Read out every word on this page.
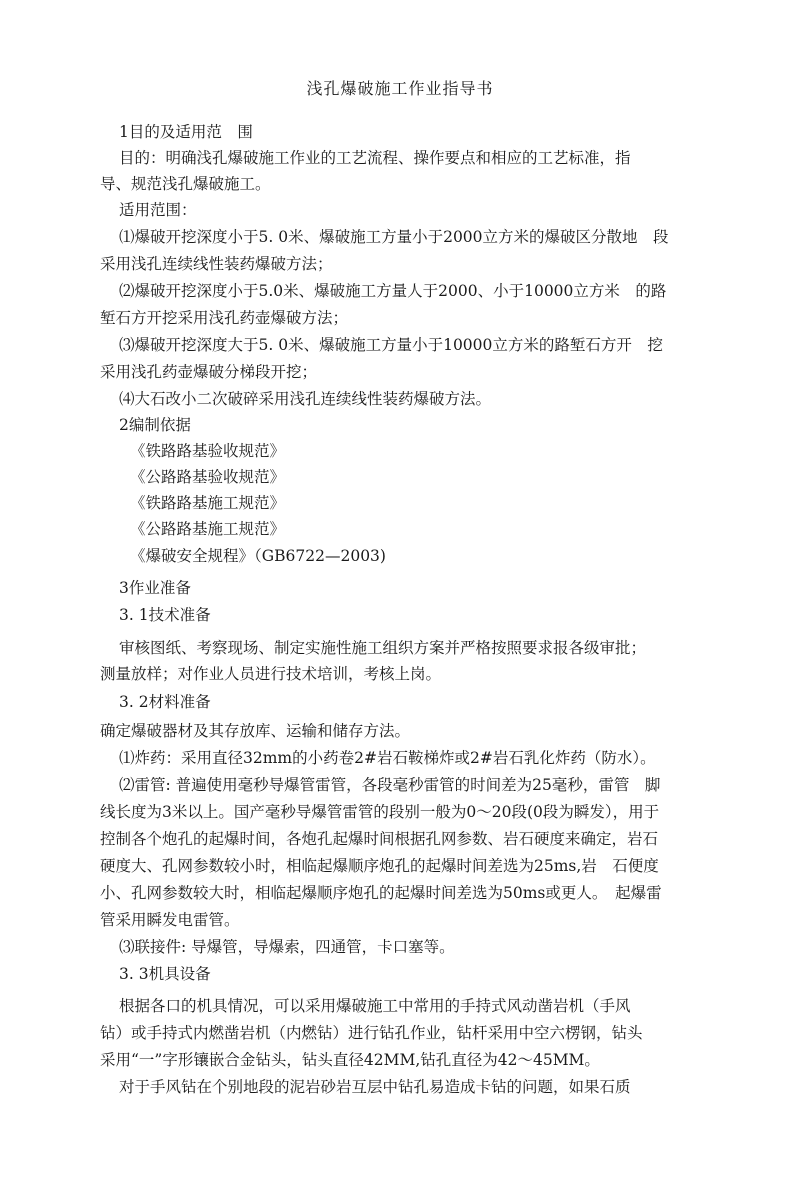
浅孔爆破施工作业指导书
1目的及适用范　围
目的：明确浅孔爆破施工作业的工艺流程、操作要点和相应的工艺标准，指
导、规范浅孔爆破施工。
适用范围：
⑴爆破开挖深度小于5. 0米、爆破施工方量小于2000立方米的爆破区分散地　段
采用浅孔连续线性装药爆破方法；
⑵爆破开挖深度小于5.0米、爆破施工方量人于2000、小于10000立方米　的路
堑石方开挖采用浅孔药壶爆破方法；
⑶爆破开挖深度大于5. 0米、爆破施工方量小于10000立方米的路堑石方开　挖
采用浅孔药壶爆破分梯段开挖；
⑷大石改小二次破碎采用浅孔连续线性装药爆破方法。
2编制依据
《铁路路基验收规范》
《公路路基验收规范》
《铁路路基施工规范》
《公路路基施工规范》
《爆破安全规程》（GB6722—2003)
3作业准备
3. 1技术准备
审核图纸、考察现场、制定实施性施工组织方案并严格按照要求报各级审批；
测量放样；对作业人员进行技术培训，考核上岗。
3. 2材料准备
确定爆破器材及其存放库、运输和储存方法。
⑴炸药：采用直径32mm的小药卷2#岩石鞍梯炸或2#岩石乳化炸药（防水）。
⑵雷管: 普遍使用毫秒导爆管雷管，各段毫秒雷管的时间差为25毫秒，雷管　脚
线长度为3米以上。国产毫秒导爆管雷管的段别一般为0～20段(0段为瞬发），用于
控制各个炮孔的起爆时间，各炮孔起爆时间根据孔网参数、岩石硬度来确定，岩石
硬度大、孔网参数较小时，相临起爆顺序炮孔的起爆时间差选为25ms,岩　石便度
小、孔网参数较大时，相临起爆顺序炮孔的起爆时间差选为50ms或更人。　起爆雷
管采用瞬发电雷管。
⑶联接件: 导爆管，导爆索，四通管，卡口塞等。
3. 3机具设备
根据各口的机具情况，可以采用爆破施工中常用的手持式风动凿岩机（手风
钻）或手持式内燃凿岩机（内燃钻）进行钻孔作业，钻杆采用中空六楞钢，钻头
采用“一”字形镶嵌合金钻头，钻头直径42MM,钻孔直径为42～45MM。
对于手风钻在个别地段的泥岩砂岩互层中钻孔易造成卡钻的问题，如果石质
